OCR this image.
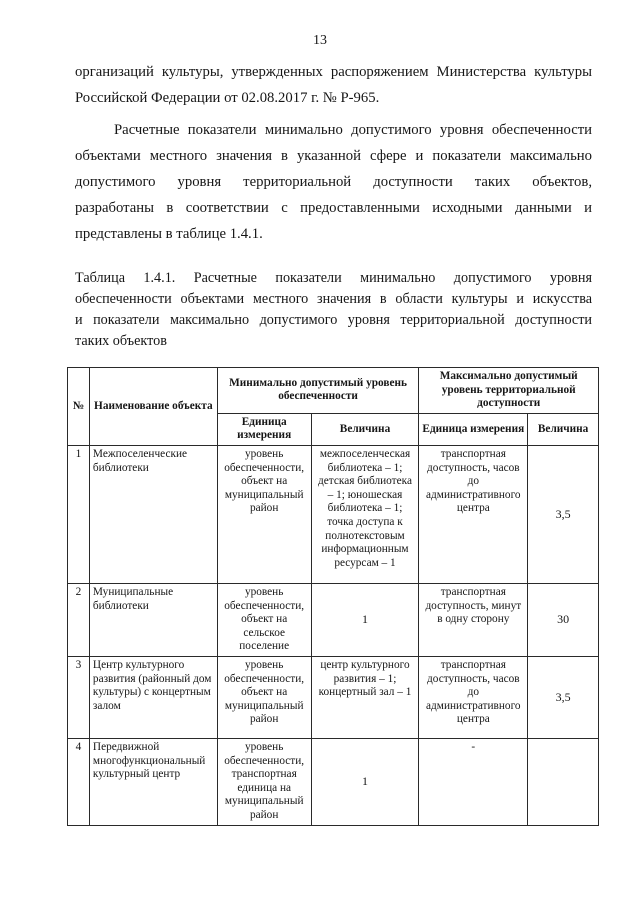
13

организаций культуры, утвержденных распоряжением Министерства культуры

Российской Федерации от 02.08.2017 г. № Р-965.

Расчетные показатели минимально допустимого уровня обеспеченности

объектами местного значения в указанной сфере и показатели максимально

допустимого уровня территориальной доступности таких объектов,

разработаны в соответствии с предоставленными исходными данными и

представлены в таблице 1.4.1.

Таблица 1.4.1. Расчетные показатели минимально допустимого уровня
обеспеченности объектами местного значения в области культуры и искусства
и показатели максимально допустимого уровня территориальной доступности
таких объектов
№	Наименование объекта	Минимально допустимый уровень обеспеченности		Максимально допустимый уровень территориальной доступности	
		Единица измерения	Величина	Единица измерения	Величина
1	Межпоселенческие библиотеки	уровень обеспеченности, объект на муниципальный район	межпоселенческая библиотека – 1; детская библиотека – 1; юношеская библиотека – 1; точка доступа к полнотекстовым информационным ресурсам – 1	транспортная доступность, часов до административного центра	3,5
2	Муниципальные библиотеки	уровень обеспеченности, объект на сельское поселение	1	транспортная доступность, минут в одну сторону	30
3	Центр культурного развития (районный дом культуры) с концертным залом	уровень обеспеченности, объект на муниципальный район	центр культурного развития – 1; концертный зал – 1	транспортная доступность, часов до административного центра	3,5
4	Передвижной многофункциональный культурный центр	уровень обеспеченности, транспортная единица на муниципальный район	1	-	
